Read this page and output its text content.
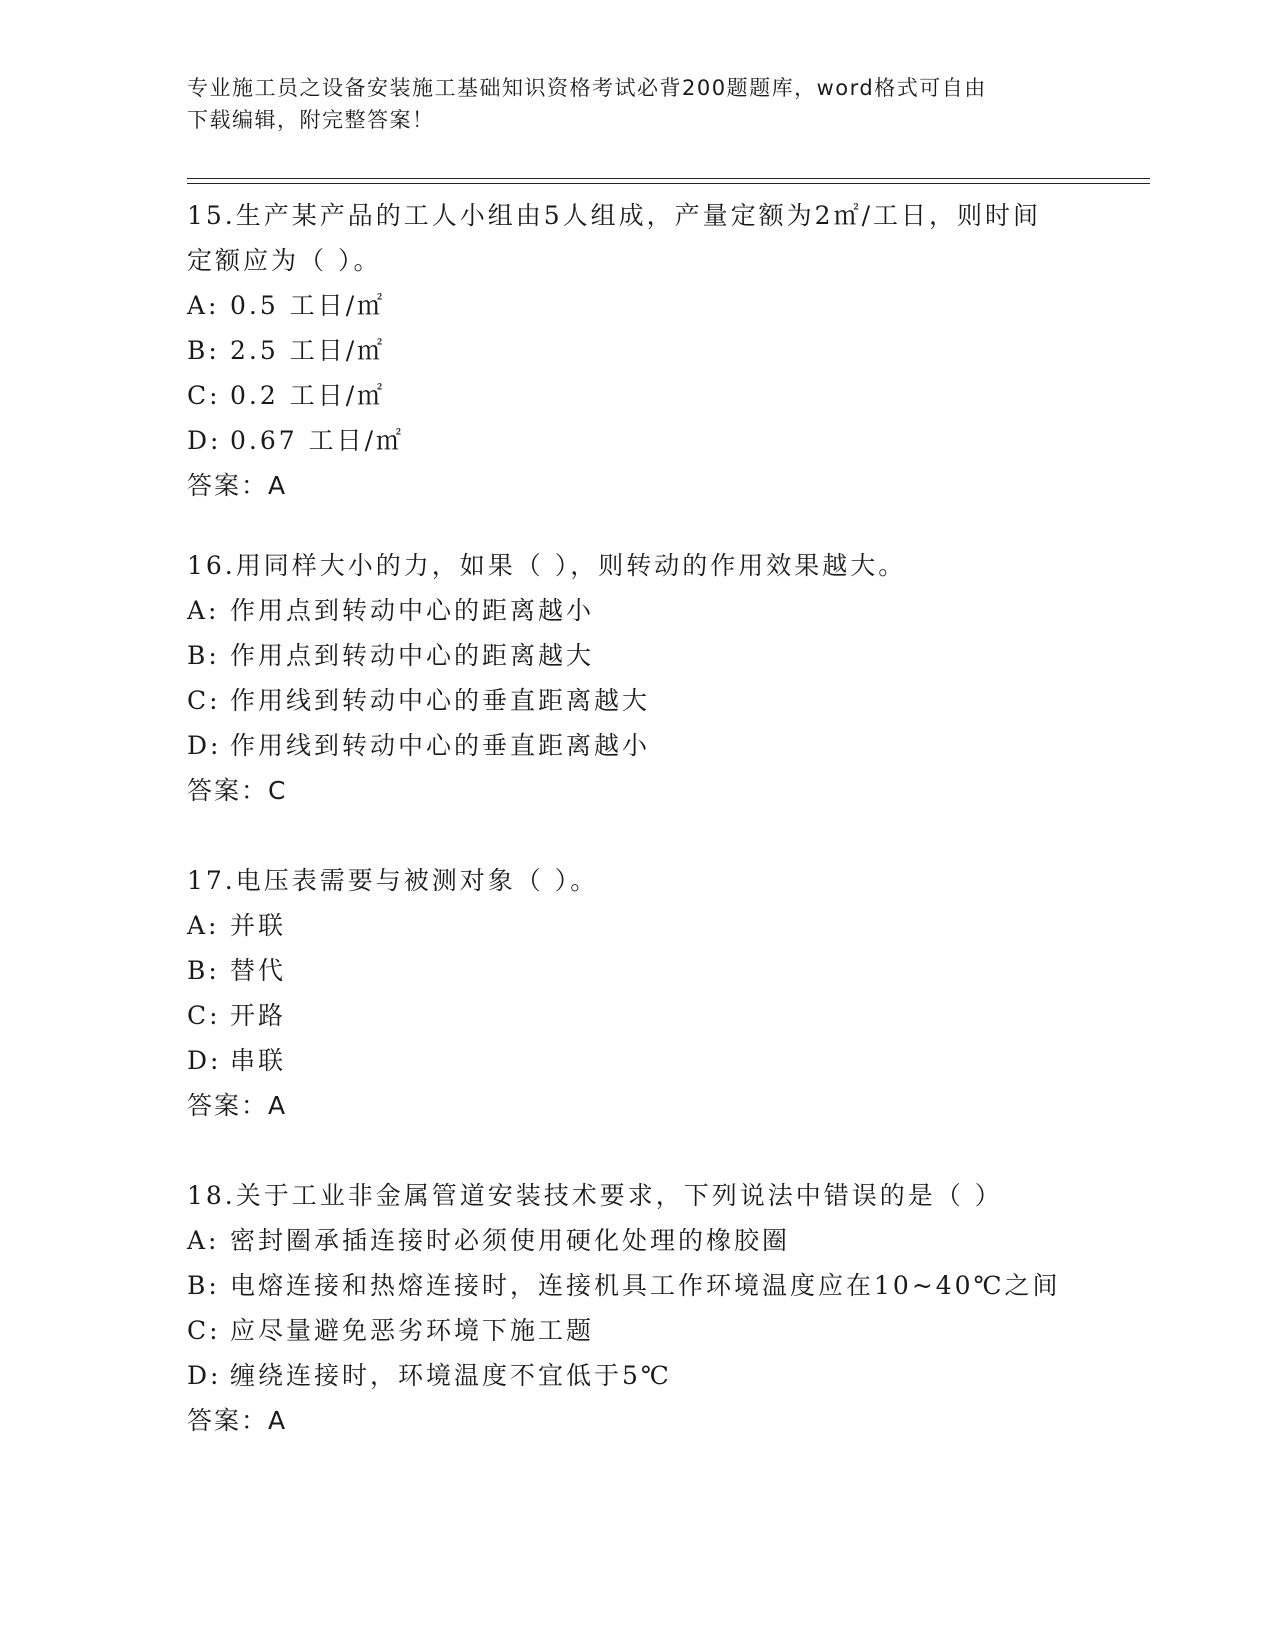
专业施工员之设备安装施工基础知识资格考试必背200题题库，word格式可自由
下载编辑，附完整答案！
15.生产某产品的工人小组由5人组成，产量定额为2㎡/工日，则时间
定额应为（ ）。
A: 0.5 工日/㎡
B: 2.5 工日/㎡
C: 0.2 工日/㎡
D: 0.67 工日/㎡
答案：A
16.用同样大小的力，如果（ ），则转动的作用效果越大。
A: 作用点到转动中心的距离越小
B: 作用点到转动中心的距离越大
C: 作用线到转动中心的垂直距离越大
D: 作用线到转动中心的垂直距离越小
答案：C
17.电压表需要与被测对象（ ）。
A: 并联
B: 替代
C: 开路
D: 串联
答案：A
18.关于工业非金属管道安装技术要求，下列说法中错误的是（ ）
A: 密封圈承插连接时必须使用硬化处理的橡胶圈
B: 电熔连接和热熔连接时，连接机具工作环境温度应在10~40℃之间
C: 应尽量避免恶劣环境下施工题
D: 缠绕连接时，环境温度不宜低于5℃
答案：A
